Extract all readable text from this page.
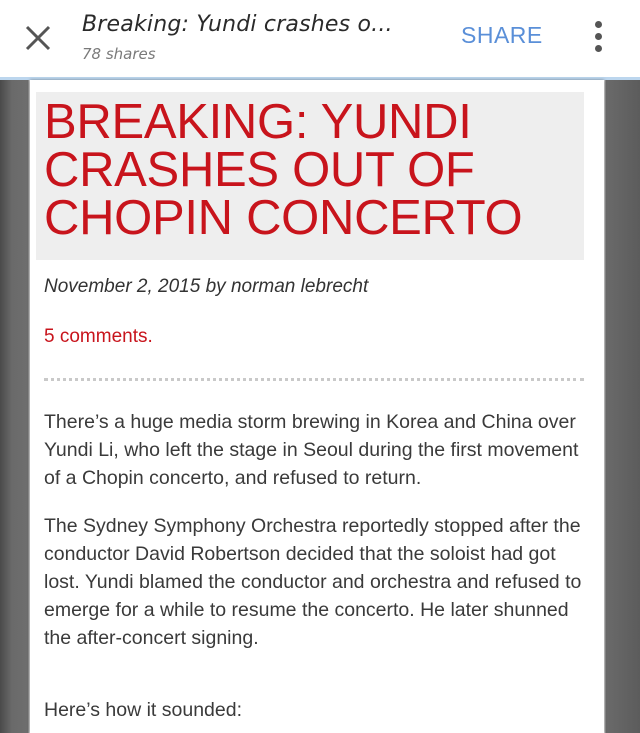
Breaking: Yundi crashes o...
78 shares
SHARE
BREAKING: YUNDI CRASHES OUT OF CHOPIN CONCERTO
November 2, 2015 by norman lebrecht
5 comments.

There’s a huge media storm brewing in Korea and China over Yundi Li, who left the stage in Seoul during the first movement of a Chopin concerto, and refused to return.

The Sydney Symphony Orchestra reportedly stopped after the conductor David Robertson decided that the soloist had got lost. Yundi blamed the conductor and orchestra and refused to emerge for a while to resume the concerto. He later shunned the after-concert signing.

Here’s how it sounded:
